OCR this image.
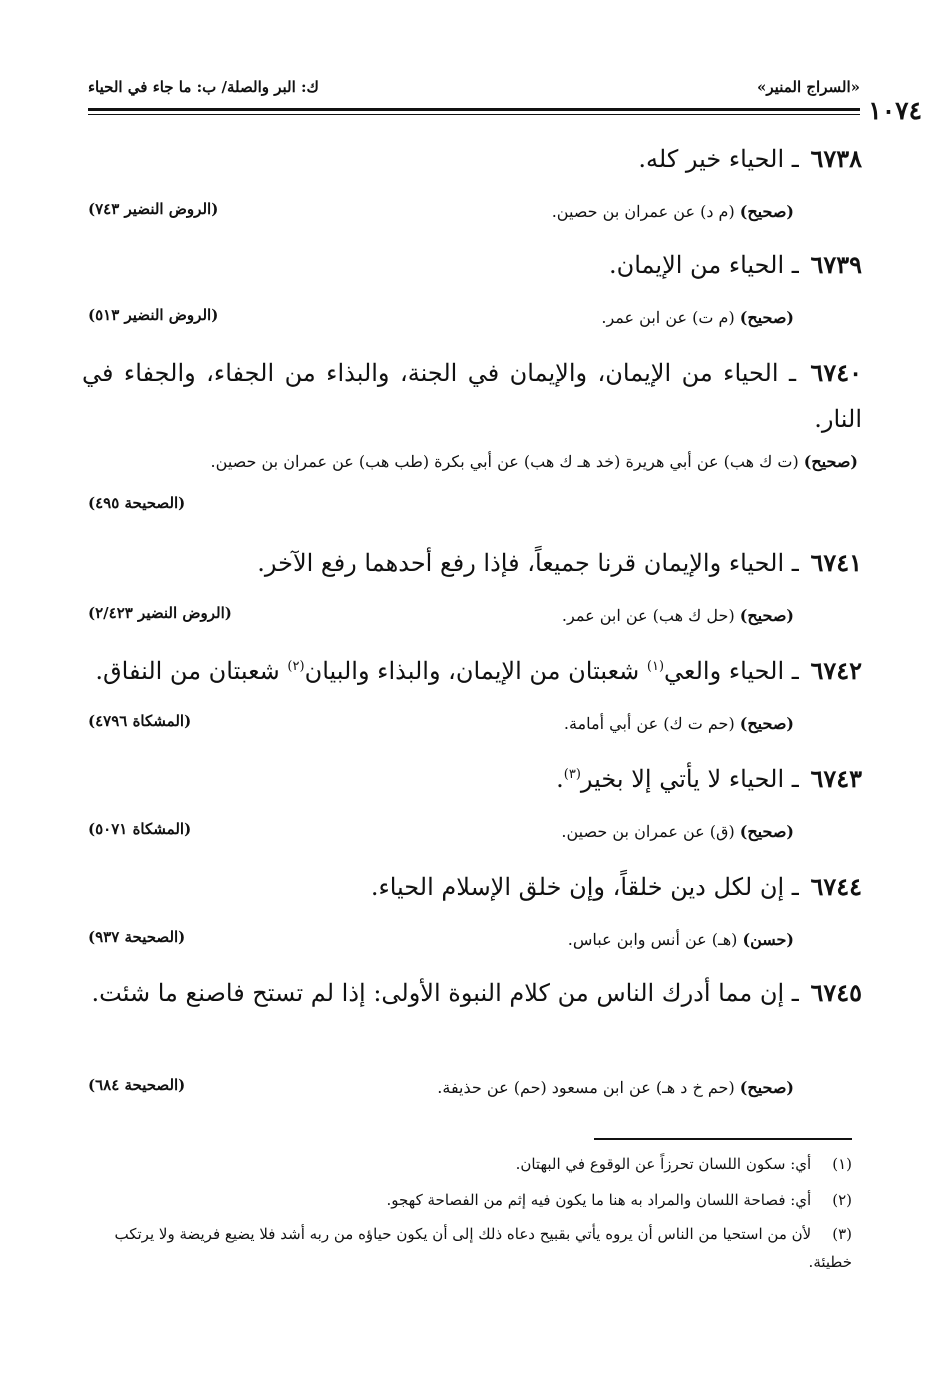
«السراج المنير»
ك: البر والصلة/ ب: ما جاء في الحياء
١٠٧٤
٦٧٣٨ ـ الحياء خير كله.
(صحيح) (م د) عن عمران بن حصين.
(الروض النضير ٧٤٣)
٦٧٣٩ ـ الحياء من الإيمان.
(صحيح) (م ت) عن ابن عمر.
(الروض النضير ٥١٣)
٦٧٤٠ ـ الحياء من الإيمان، والإيمان في الجنة، والبذاء من الجفاء، والجفاء في النار.
(صحيح) (ت ك هب) عن أبي هريرة (خد هـ ك هب) عن أبي بكرة (طب هب) عن عمران بن حصين.
(الصحيحة ٤٩٥)
٦٧٤١ ـ الحياء والإيمان قرنا جميعاً، فإذا رفع أحدهما رفع الآخر.
(صحيح) (حل ك هب) عن ابن عمر.
(الروض النضير ٢/٤٢٣)
٦٧٤٢ ـ الحياء والعي$^{(١)}$ شعبتان من الإيمان، والبذاء والبيان$^{(٢)}$ شعبتان من النفاق.
(صحيح) (حم ت ك) عن أبي أمامة.
(المشكاة ٤٧٩٦)
٦٧٤٣ ـ الحياء لا يأتي إلا بخير$^{(٣)}$.
(صحيح) (ق) عن عمران بن حصين.
(المشكاة ٥٠٧١)
٦٧٤٤ ـ إن لكل دين خلقاً، وإن خلق الإسلام الحياء.
(حسن) (هـ) عن أنس وابن عباس.
(الصحيحة ٩٣٧)
٦٧٤٥ ـ إن مما أدرك الناس من كلام النبوة الأولى: إذا لم تستح فاصنع ما شئت.
(صحيح) (حم خ د هـ) عن ابن مسعود (حم) عن حذيفة.
(الصحيحة ٦٨٤)
(١) أي: سكون اللسان تحرزاً عن الوقوع في البهتان.
(٢) أي: فصاحة اللسان والمراد به هنا ما يكون فيه إثم من الفصاحة كهجو.
(٣) لأن من استحيا من الناس أن يروه يأتي بقبيح دعاه ذلك إلى أن يكون حياؤه من ربه أشد فلا يضيع فريضة ولا يرتكب خطيئة.
